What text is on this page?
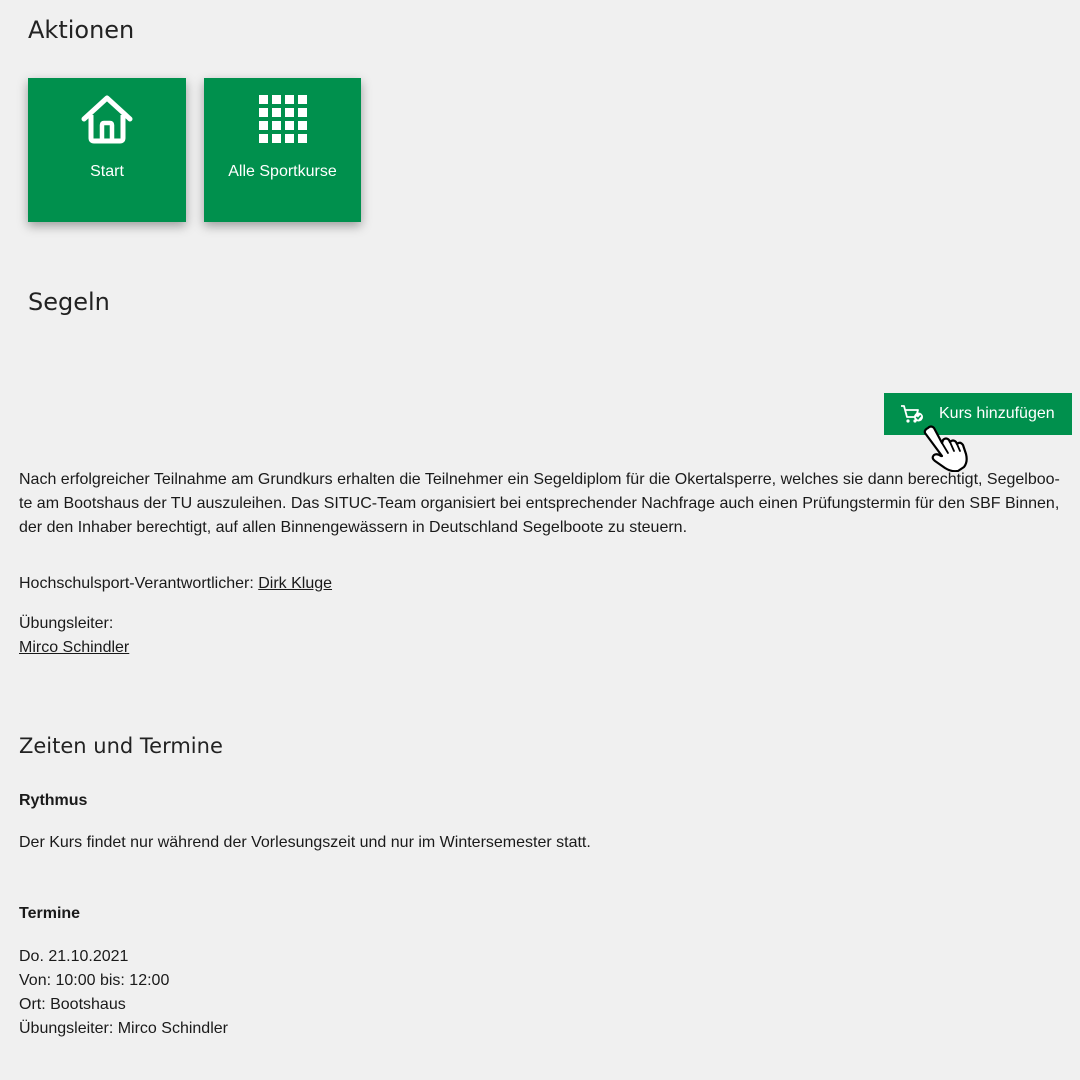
Aktionen
Start	Alle Sportkurse
Segeln
Kurs hinzufügen

Nach erfolgreicher Teilnahme am Grundkurs erhalten die Teilnehmer ein Segeldiplom für die Okertalsperre, welches sie dann berechtigt, Segelboo-te am Bootshaus der TU auszuleihen. Das SITUC-Team organisiert bei entsprechender Nachfrage auch einen Prüfungstermin für den SBF Binnen, der den Inhaber berechtigt, auf allen Binnengewässern in Deutschland Segelboote zu steuern.

Hochschulsport-Verantwortlicher: Dirk Kluge

Übungsleiter:
Mirco Schindler
Zeiten und Termine

Rythmus

Der Kurs findet nur während der Vorlesungszeit und nur im Wintersemester statt.

Termine

Do. 21.10.2021
Von: 10:00 bis: 12:00
Ort: Bootshaus
Übungsleiter: Mirco Schindler
